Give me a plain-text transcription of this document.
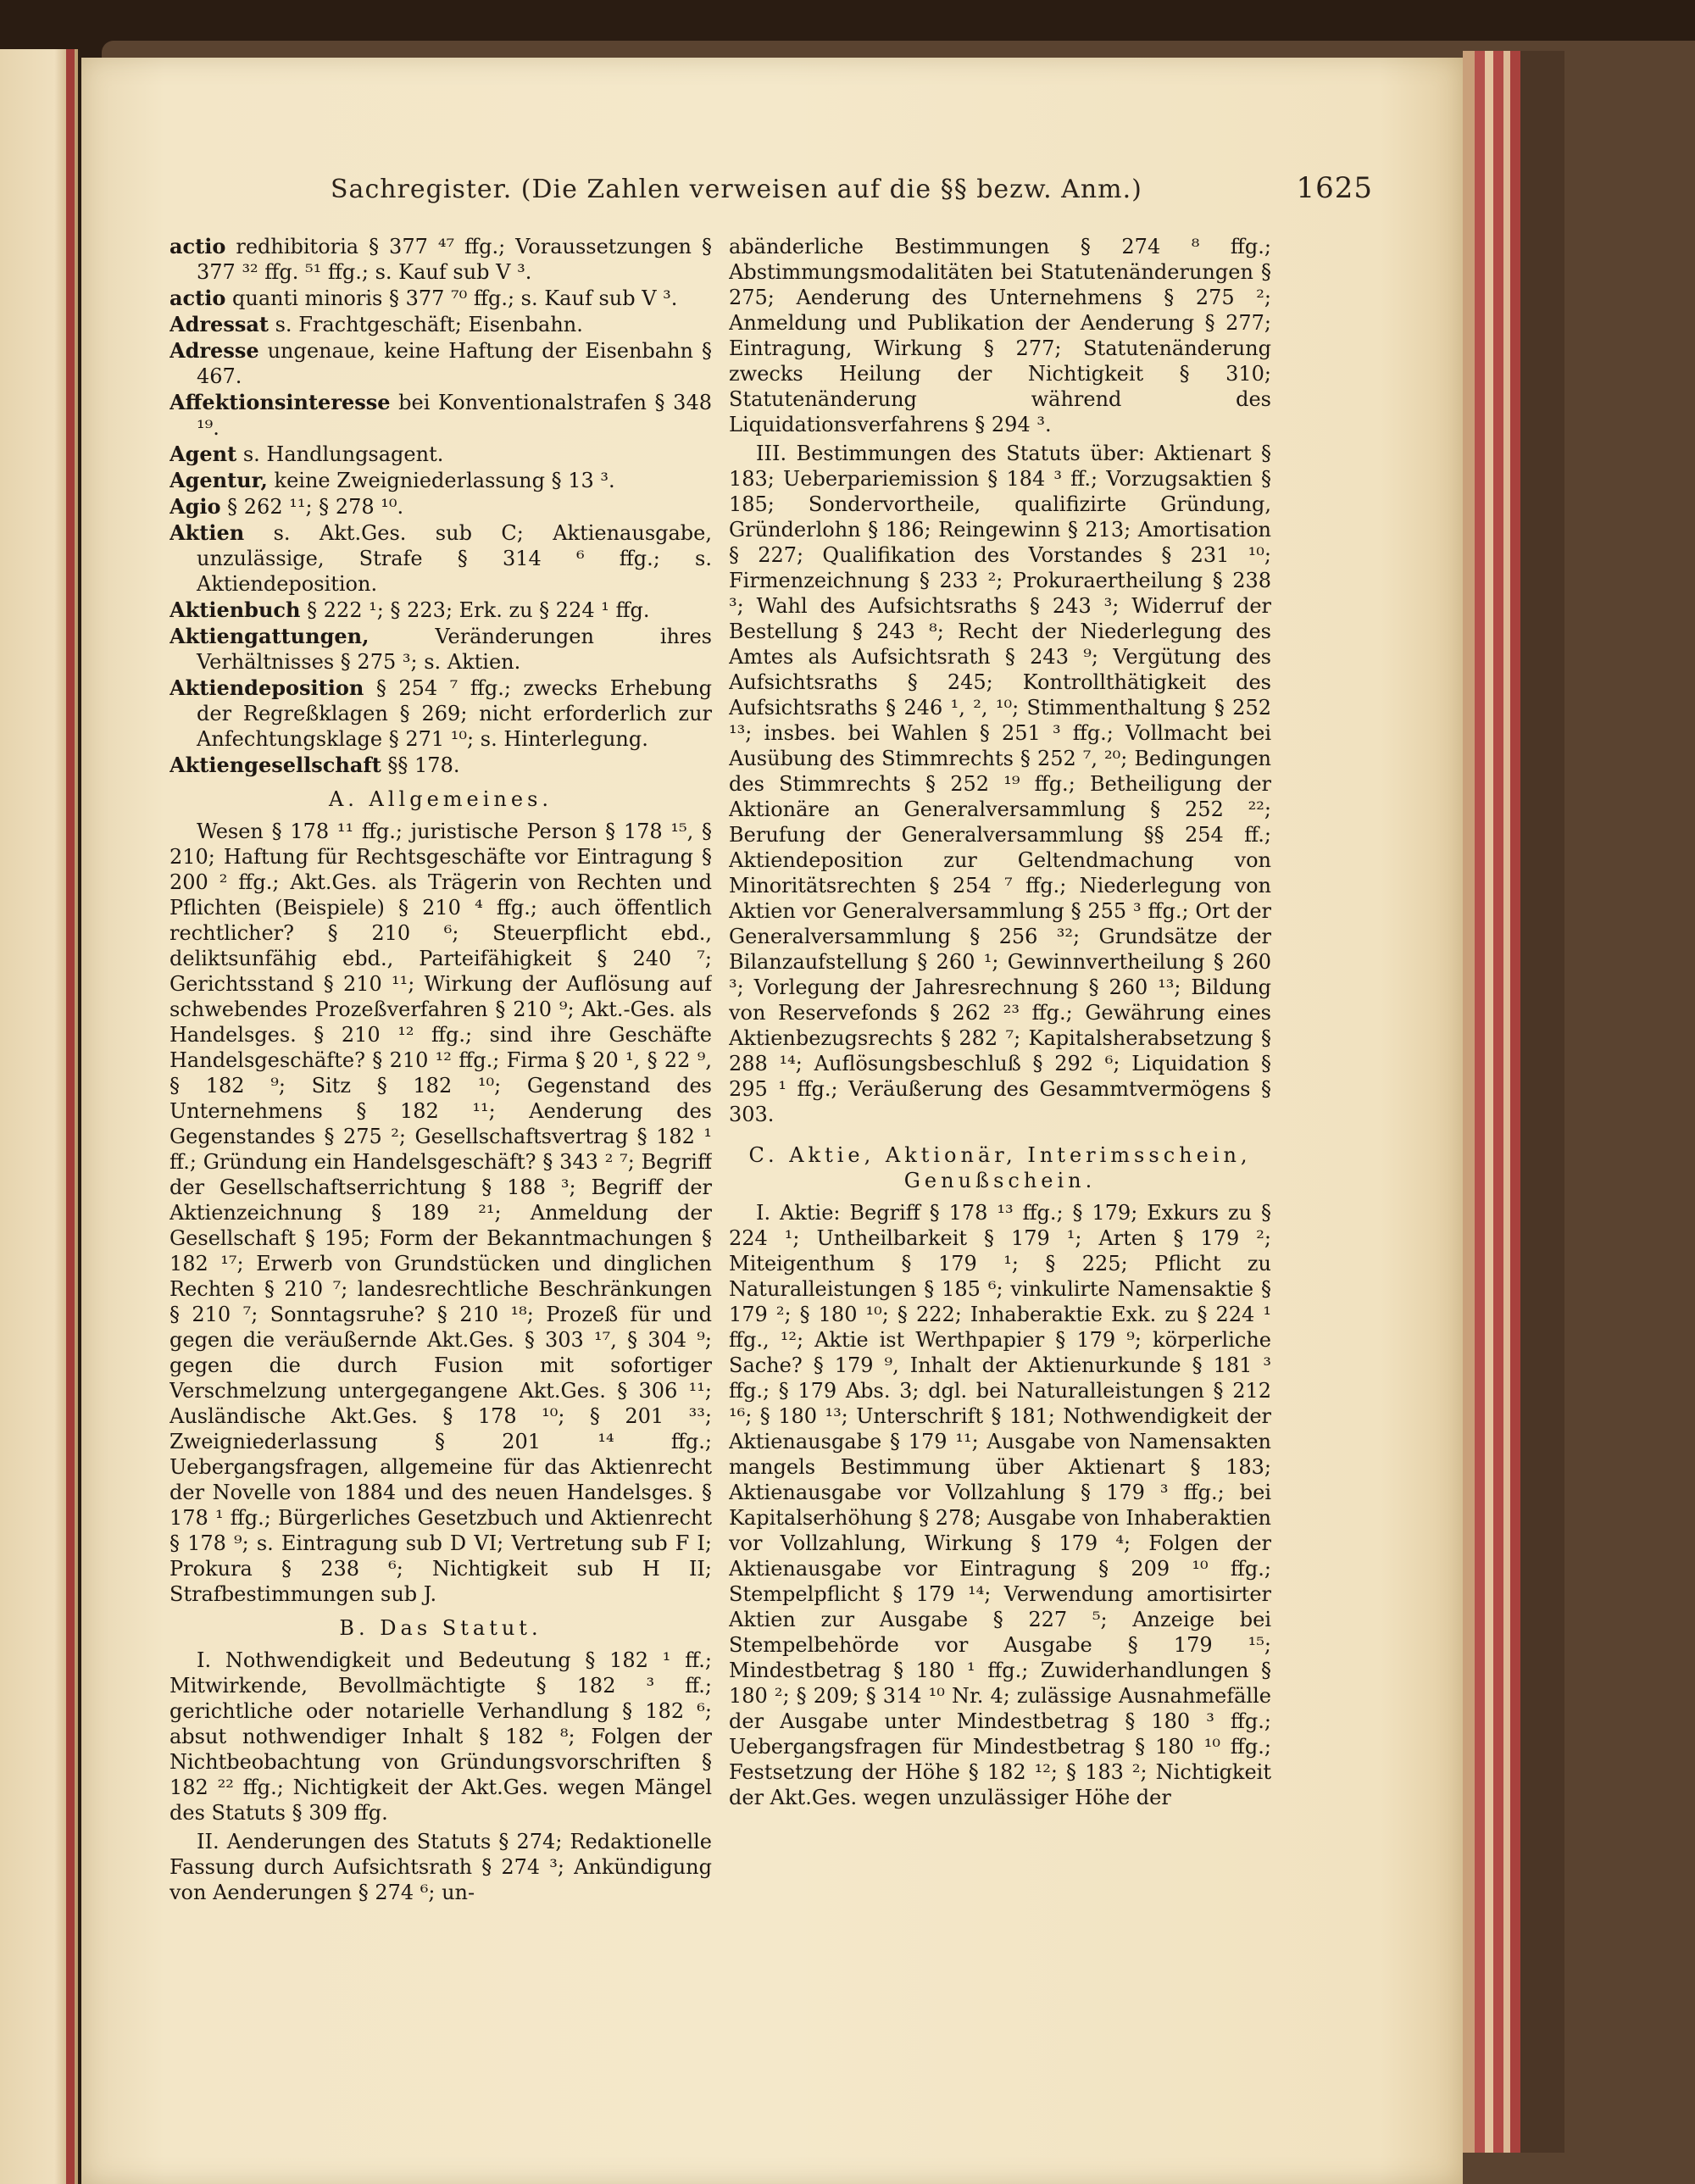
Sachregister. (Die Zahlen verweisen auf die §§ bezw. Anm.)	1625

actio redhibitoria § 377 ⁴⁷ ffg.; Voraussetzungen § 377 ³² ffg. ⁵¹ ffg.; s. Kauf sub V ³.

actio quanti minoris § 377 ⁷⁰ ffg.; s. Kauf sub V ³.

Adressat s. Frachtgeschäft; Eisenbahn.

Adresse ungenaue, keine Haftung der Eisenbahn § 467.

Affektionsinteresse bei Konventionalstrafen § 348 ¹⁹.

Agent s. Handlungsagent.

Agentur, keine Zweigniederlassung § 13 ³.

Agio § 262 ¹¹; § 278 ¹⁰.

Aktien s. Akt.Ges. sub C; Aktienausgabe, unzulässige, Strafe § 314 ⁶ ffg.; s. Aktiendeposition.

Aktienbuch § 222 ¹; § 223; Erk. zu § 224 ¹ ffg.

Aktiengattungen, Veränderungen ihres Verhältnisses § 275 ³; s. Aktien.

Aktiendeposition § 254 ⁷ ffg.; zwecks Erhebung der Regreßklagen § 269; nicht erforderlich zur Anfechtungsklage § 271 ¹⁰; s. Hinterlegung.

Aktiengesellschaft §§ 178.

A. Allgemeines.

Wesen § 178 ¹¹ ffg.; juristische Person § 178 ¹⁵, § 210; Haftung für Rechtsgeschäfte vor Eintragung § 200 ² ffg.; Akt.Ges. als Trägerin von Rechten und Pflichten (Beispiele) § 210 ⁴ ffg.; auch öffentlich rechtlicher? § 210 ⁶; Steuerpflicht ebd., deliktsunfähig ebd., Parteifähigkeit § 240 ⁷; Gerichtsstand § 210 ¹¹; Wirkung der Auflösung auf schwebendes Prozeßverfahren § 210 ⁹; Akt.-Ges. als Handelsges. § 210 ¹² ffg.; sind ihre Geschäfte Handelsgeschäfte? § 210 ¹² ffg.; Firma § 20 ¹, § 22 ⁹, § 182 ⁹; Sitz § 182 ¹⁰; Gegenstand des Unternehmens § 182 ¹¹; Aenderung des Gegenstandes § 275 ²; Gesellschaftsvertrag § 182 ¹ ff.; Gründung ein Handelsgeschäft? § 343 ² ⁷; Begriff der Gesellschaftserrichtung § 188 ³; Begriff der Aktienzeichnung § 189 ²¹; Anmeldung der Gesellschaft § 195; Form der Bekanntmachungen § 182 ¹⁷; Erwerb von Grundstücken und dinglichen Rechten § 210 ⁷; landesrechtliche Beschränkungen § 210 ⁷; Sonntagsruhe? § 210 ¹⁸; Prozeß für und gegen die veräußernde Akt.Ges. § 303 ¹⁷, § 304 ⁹; gegen die durch Fusion mit sofortiger Verschmelzung untergegangene Akt.Ges. § 306 ¹¹; Ausländische Akt.Ges. § 178 ¹⁰; § 201 ³³; Zweigniederlassung § 201 ¹⁴ ffg.; Uebergangsfragen, allgemeine für das Aktienrecht der Novelle von 1884 und des neuen Handelsges. § 178 ¹ ffg.; Bürgerliches Gesetzbuch und Aktienrecht § 178 ⁹; s. Eintragung sub D VI; Vertretung sub F I; Prokura § 238 ⁶; Nichtigkeit sub H II; Strafbestimmungen sub J.

B. Das Statut.

I. Nothwendigkeit und Bedeutung § 182 ¹ ff.; Mitwirkende, Bevollmächtigte § 182 ³ ff.; gerichtliche oder notarielle Verhandlung § 182 ⁶; absut nothwendiger Inhalt § 182 ⁸; Folgen der Nichtbeobachtung von Gründungsvorschriften § 182 ²² ffg.; Nichtigkeit der Akt.Ges. wegen Mängel des Statuts § 309 ffg.

II. Aenderungen des Statuts § 274; Redaktionelle Fassung durch Aufsichtsrath § 274 ³; Ankündigung von Aenderungen § 274 ⁶; un-

abänderliche Bestimmungen § 274 ⁸ ffg.; Abstimmungsmodalitäten bei Statutenänderungen § 275; Aenderung des Unternehmens § 275 ²; Anmeldung und Publikation der Aenderung § 277; Eintragung, Wirkung § 277; Statutenänderung zwecks Heilung der Nichtigkeit § 310; Statutenänderung während des Liquidationsverfahrens § 294 ³.

III. Bestimmungen des Statuts über: Aktienart § 183; Ueberpariemission § 184 ³ ff.; Vorzugsaktien § 185; Sondervortheile, qualifizirte Gründung, Gründerlohn § 186; Reingewinn § 213; Amortisation § 227; Qualifikation des Vorstandes § 231 ¹⁰; Firmenzeichnung § 233 ²; Prokuraertheilung § 238 ³; Wahl des Aufsichtsraths § 243 ³; Widerruf der Bestellung § 243 ⁸; Recht der Niederlegung des Amtes als Aufsichtsrath § 243 ⁹; Vergütung des Aufsichtsraths § 245; Kontrollthätigkeit des Aufsichtsraths § 246 ¹, ², ¹⁰; Stimmenthaltung § 252 ¹³; insbes. bei Wahlen § 251 ³ ffg.; Vollmacht bei Ausübung des Stimmrechts § 252 ⁷, ²⁰; Bedingungen des Stimmrechts § 252 ¹⁹ ffg.; Betheiligung der Aktionäre an Generalversammlung § 252 ²²; Berufung der Generalversammlung §§ 254 ff.; Aktiendeposition zur Geltendmachung von Minoritätsrechten § 254 ⁷ ffg.; Niederlegung von Aktien vor Generalversammlung § 255 ³ ffg.; Ort der Generalversammlung § 256 ³²; Grundsätze der Bilanzaufstellung § 260 ¹; Gewinnvertheilung § 260 ³; Vorlegung der Jahresrechnung § 260 ¹³; Bildung von Reservefonds § 262 ²³ ffg.; Gewährung eines Aktienbezugsrechts § 282 ⁷; Kapitalsherabsetzung § 288 ¹⁴; Auflösungsbeschluß § 292 ⁶; Liquidation § 295 ¹ ffg.; Veräußerung des Gesammtvermögens § 303.

C. Aktie, Aktionär, Interimsschein, Genußschein.

I. Aktie: Begriff § 178 ¹³ ffg.; § 179; Exkurs zu § 224 ¹; Untheilbarkeit § 179 ¹; Arten § 179 ²; Miteigenthum § 179 ¹; § 225; Pflicht zu Naturalleistungen § 185 ⁶; vinkulirte Namensaktie § 179 ²; § 180 ¹⁰; § 222; Inhaberaktie Exk. zu § 224 ¹ ffg., ¹²; Aktie ist Werthpapier § 179 ⁹; körperliche Sache? § 179 ⁹, Inhalt der Aktienurkunde § 181 ³ ffg.; § 179 Abs. 3; dgl. bei Naturalleistungen § 212 ¹⁶; § 180 ¹³; Unterschrift § 181; Nothwendigkeit der Aktienausgabe § 179 ¹¹; Ausgabe von Namensakten mangels Bestimmung über Aktienart § 183; Aktienausgabe vor Vollzahlung § 179 ³ ffg.; bei Kapitalserhöhung § 278; Ausgabe von Inhaberaktien vor Vollzahlung, Wirkung § 179 ⁴; Folgen der Aktienausgabe vor Eintragung § 209 ¹⁰ ffg.; Stempelpflicht § 179 ¹⁴; Verwendung amortisirter Aktien zur Ausgabe § 227 ⁵; Anzeige bei Stempelbehörde vor Ausgabe § 179 ¹⁵; Mindestbetrag § 180 ¹ ffg.; Zuwiderhandlungen § 180 ²; § 209; § 314 ¹⁰ Nr. 4; zulässige Ausnahmefälle der Ausgabe unter Mindestbetrag § 180 ³ ffg.; Uebergangsfragen für Mindestbetrag § 180 ¹⁰ ffg.; Festsetzung der Höhe § 182 ¹²; § 183 ²; Nichtigkeit der Akt.Ges. wegen unzulässiger Höhe der
